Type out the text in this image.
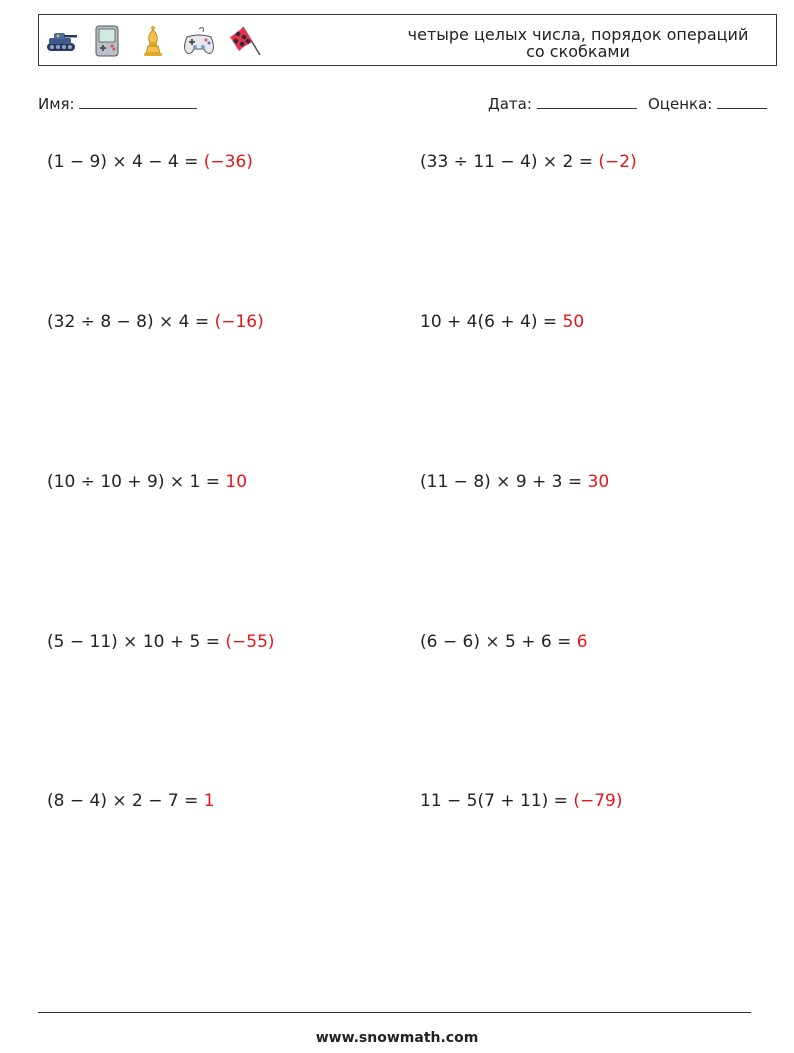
четыре целых числа, порядок операций со скобками
Имя:	Дата:	Оценка:
(1 − 9) × 4 − 4 = (−36)	(33 ÷ 11 − 4) × 2 = (−2)
(32 ÷ 8 − 8) × 4 = (−16)	10 + 4(6 + 4) = 50
(10 ÷ 10 + 9) × 1 = 10	(11 − 8) × 9 + 3 = 30
(5 − 11) × 10 + 5 = (−55)	(6 − 6) × 5 + 6 = 6
(8 − 4) × 2 − 7 = 1	11 − 5(7 + 11) = (−79)
www.snowmath.com
